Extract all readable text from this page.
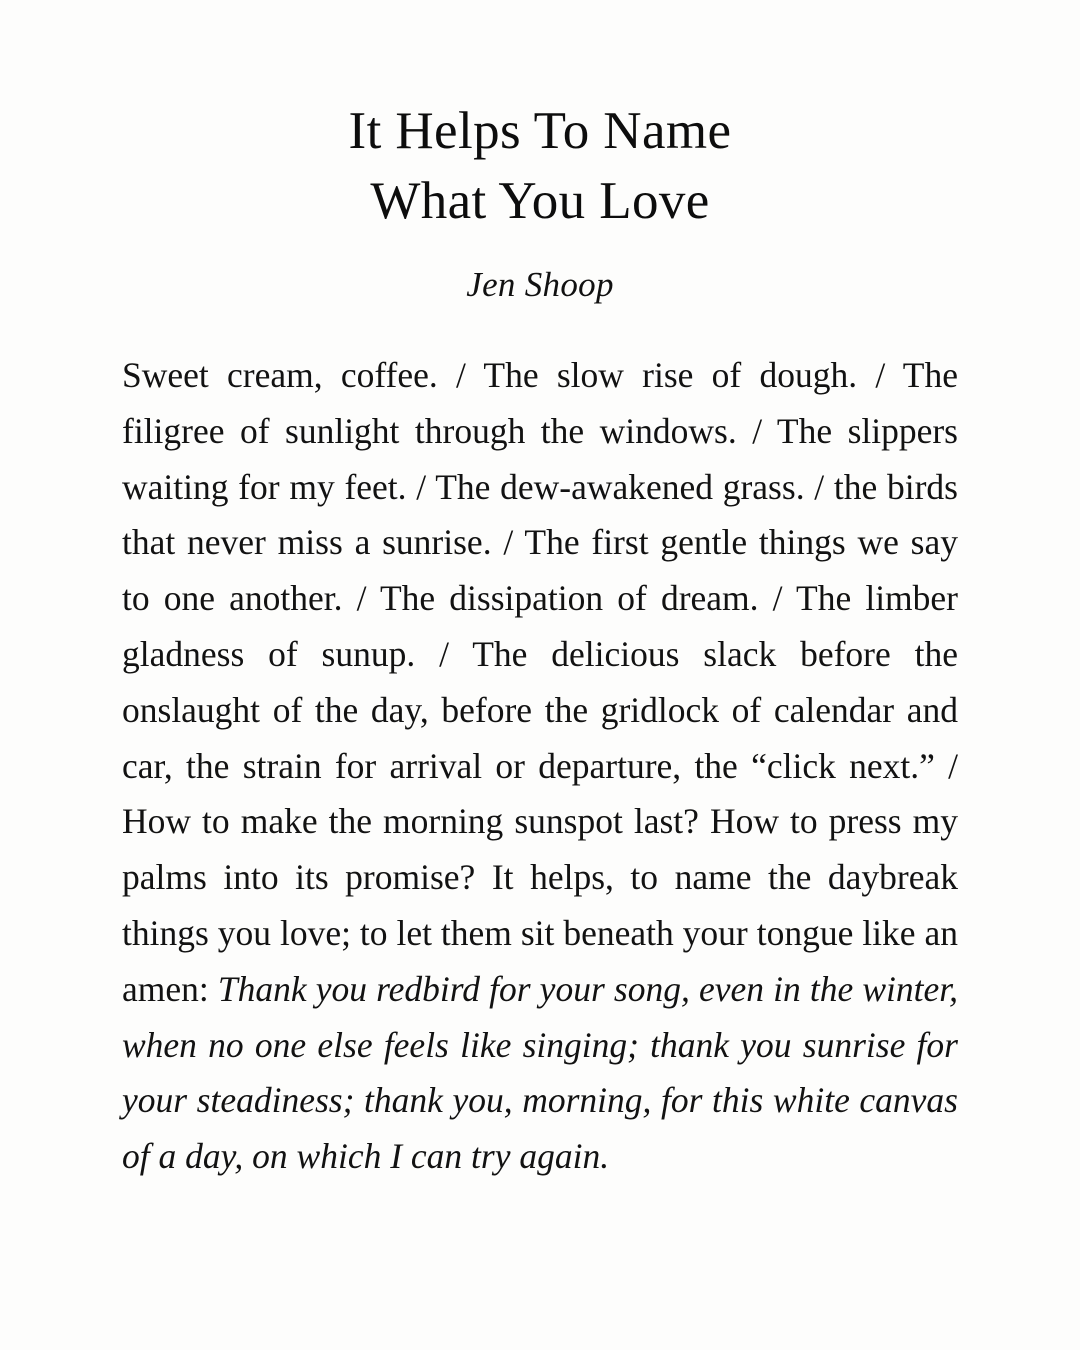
It Helps To Name
What You Love

Jen Shoop

Sweet cream, coffee. / The slow rise of dough. / The filigree of sunlight through the windows. / The slippers waiting for my feet. / The dew-awakened grass. / the birds that never miss a sunrise. / The first gentle things we say to one another. / The dissipation of dream. / The limber gladness of sunup. / The delicious slack before the onslaught of the day, before the gridlock of calendar and car, the strain for arrival or departure, the “click next.” / How to make the morning sunspot last? How to press my palms into its promise? It helps, to name the daybreak things you love; to let them sit beneath your tongue like an amen: Thank you redbird for your song, even in the winter, when no one else feels like singing; thank you sunrise for your steadiness; thank you, morning, for this white canvas of a day, on which I can try again.
